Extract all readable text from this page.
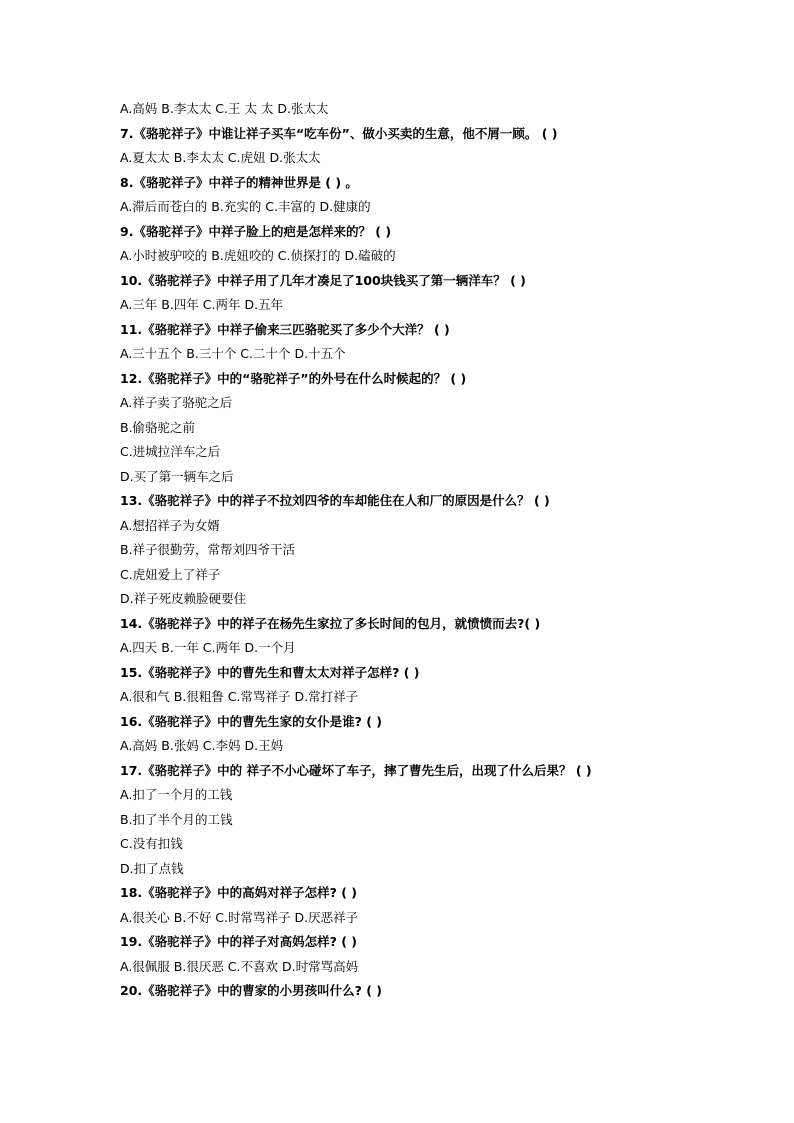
A.高妈 B.李太太 C.王 太 太 D.张太太
7.《骆驼祥子》中谁让祥子买车“吃车份”、做小买卖的生意，他不屑一顾。 ( )
A.夏太太 B.李太太 C.虎妞 D.张太太
8.《骆驼祥子》中祥子的精神世界是 ( ) 。
A.滞后而苍白的 B.充实的 C.丰富的 D.健康的
9.《骆驼祥子》中祥子脸上的疤是怎样来的？ ( )
A.小时被驴咬的 B.虎妞咬的 C.侦探打的 D.磕破的
10.《骆驼祥子》中祥子用了几年才凑足了100块钱买了第一辆洋车？ ( )
A.三年 B.四年 C.两年 D.五年
11.《骆驼祥子》中祥子偷来三匹骆驼买了多少个大洋？ ( )
A.三十五个 B.三十个 C.二十个 D.十五个
12.《骆驼祥子》中的“骆驼祥子”的外号在什么时候起的？ ( )
A.祥子卖了骆驼之后
B.偷骆驼之前
C.进城拉洋车之后
D.买了第一辆车之后
13.《骆驼祥子》中的祥子不拉刘四爷的车却能住在人和厂的原因是什么？ ( )
A.想招祥子为女婿
B.祥子很勤劳，常帮刘四爷干活
C.虎妞爱上了祥子
D.祥子死皮赖脸硬要住
14.《骆驼祥子》中的祥子在杨先生家拉了多长时间的包月，就愤愤而去?( )
A.四天 B.一年 C.两年 D.一个月
15.《骆驼祥子》中的曹先生和曹太太对祥子怎样? ( )
A.很和气 B.很粗鲁 C.常骂祥子 D.常打祥子
16.《骆驼祥子》中的曹先生家的女仆是谁? ( )
A.高妈 B.张妈 C.李妈 D.王妈
17.《骆驼祥子》中的 祥子不小心碰坏了车子，摔了曹先生后，出现了什么后果？ ( )
A.扣了一个月的工钱
B.扣了半个月的工钱
C.没有扣钱
D.扣了点钱
18.《骆驼祥子》中的高妈对祥子怎样? ( )
A.很关心 B.不好 C.时常骂祥子 D.厌恶祥子
19.《骆驼祥子》中的祥子对高妈怎样? ( )
A.很佩服 B.很厌恶 C.不喜欢 D.时常骂高妈
20.《骆驼祥子》中的曹家的小男孩叫什么? ( )
